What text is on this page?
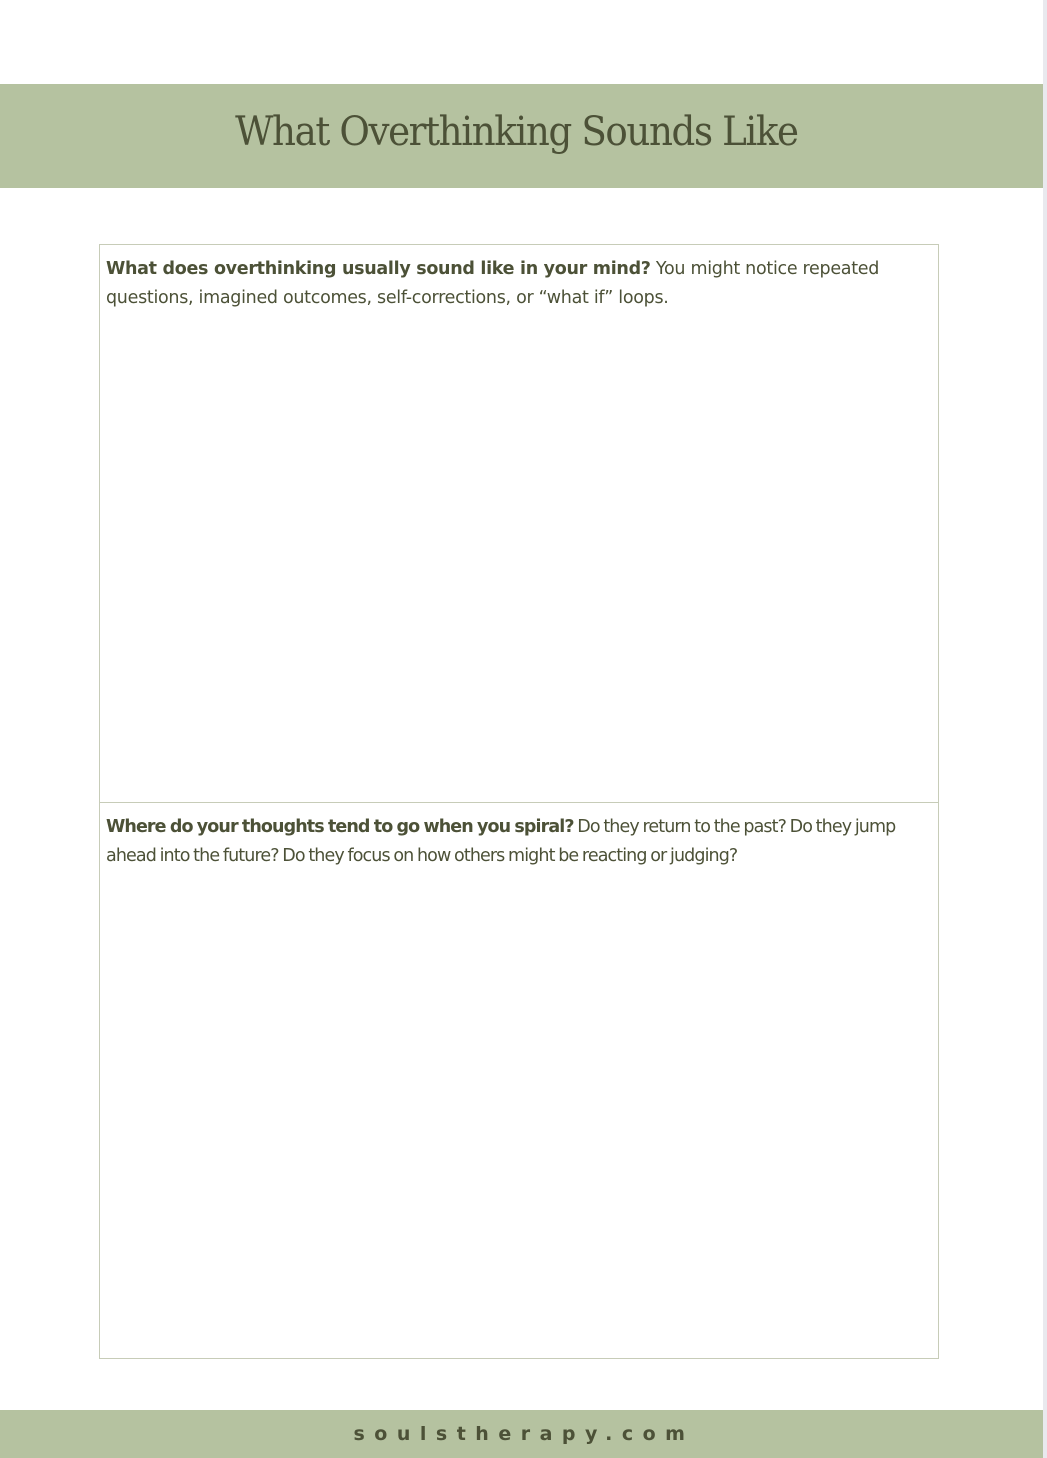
What Overthinking Sounds Like

What does overthinking usually sound like in your mind? You might notice repeated questions, imagined outcomes, self-corrections, or “what if” loops.

Where do your thoughts tend to go when you spiral? Do they return to the past? Do they jump ahead into the future? Do they focus on how others might be reacting or judging?

soulstherapy.com
